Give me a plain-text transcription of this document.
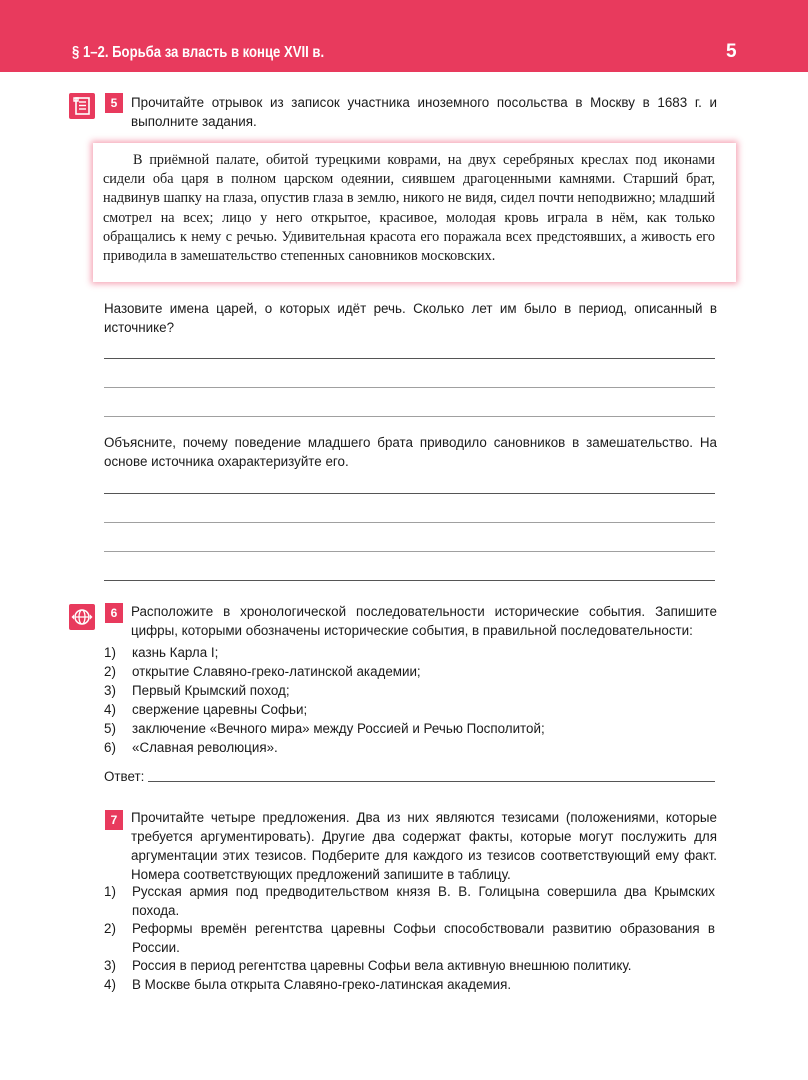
§ 1–2. Борьба за власть в конце XVII в.	5
5	Прочитайте отрывок из записок участника иноземного посольства в Москву в 1683 г. и выполните задания.
В приёмной палате, обитой турецкими коврами, на двух серебряных креслах под иконами сидели оба царя в полном царском одеянии, сиявшем драгоценными камнями. Старший брат, надвинув шапку на глаза, опустив глаза в землю, никого не видя, сидел почти неподвижно; младший смотрел на всех; лицо у него открытое, красивое, молодая кровь играла в нём, как только обращались к нему с речью. Удивительная красота его поражала всех предстоявших, а живость его приводила в замешательство степенных сановников московских.
Назовите имена царей, о которых идёт речь. Сколько лет им было в период, описанный в источнике?
Объясните, почему поведение младшего брата приводило сановников в замешательство. На основе источника охарактеризуйте его.
6	Расположите в хронологической последовательности исторические события. Запишите цифры, которыми обозначены исторические события, в правильной последовательности:
1)	казнь Карла I;
2)	открытие Славяно-греко-латинской академии;
3)	Первый Крымский поход;
4)	свержение царевны Софьи;
5)	заключение «Вечного мира» между Россией и Речью Посполитой;
6)	«Славная революция».
Ответ:
7	Прочитайте четыре предложения. Два из них являются тезисами (положениями, которые требуется аргументировать). Другие два содержат факты, которые могут послужить для аргументации этих тезисов. Подберите для каждого из тезисов соответствующий ему факт. Номера соответствующих предложений запишите в таблицу.
1)	Русская армия под предводительством князя В. В. Голицына совершила два Крымских похода.
2)	Реформы времён регентства царевны Софьи способствовали развитию образования в России.
3)	Россия в период регентства царевны Софьи вела активную внешнюю политику.
4)	В Москве была открыта Славяно-греко-латинская академия.
